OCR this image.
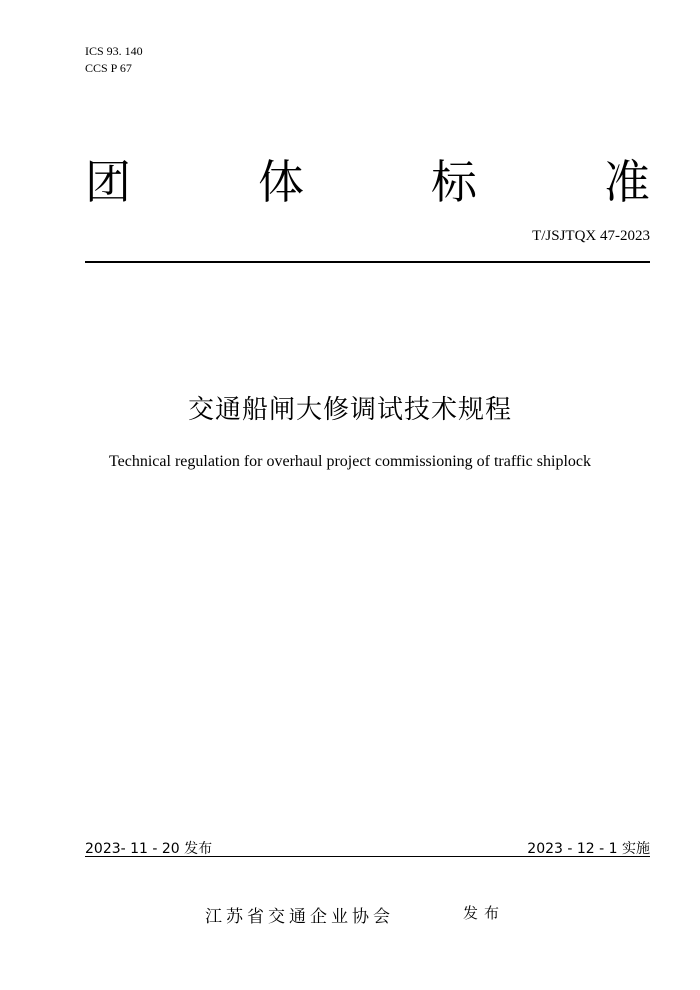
ICS 93. 140
CCS P 67
团	体	标	准
T/JSJTQX 47-2023
交通船闸大修调试技术规程
Technical regulation for overhaul project commissioning of traffic shiplock
2023- 11 - 20 发布	2023 - 12 - 1 实施
江苏省交通企业协会	发布
